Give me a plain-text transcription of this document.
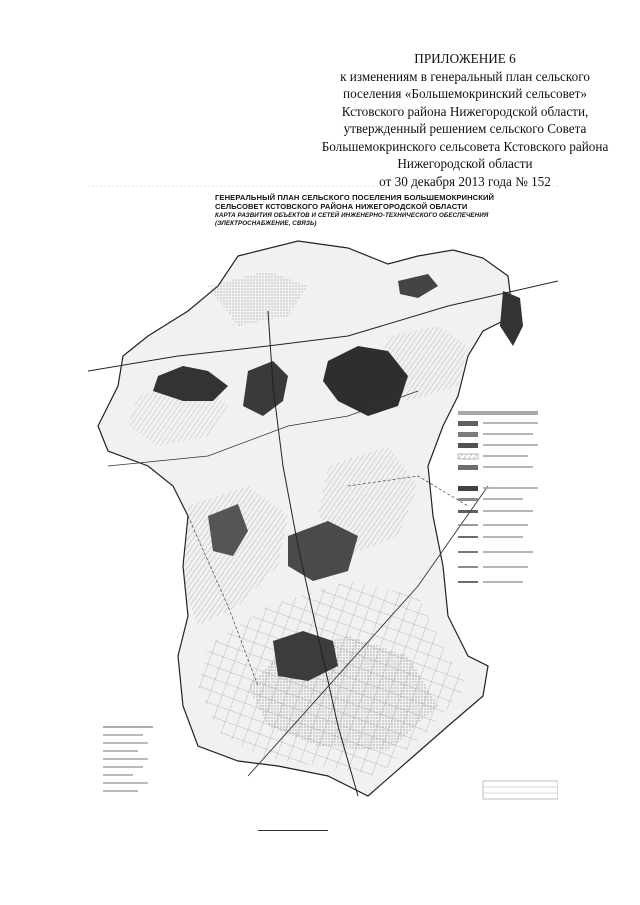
ПРИЛОЖЕНИЕ 6
к изменениям в генеральный план сельского
поселения «Большемокринский сельсовет»
Кстовского района Нижегородской области,
утвержденный решением сельского Совета
Большемокринского сельсовета Кстовского района
Нижегородской области
от 30 декабря 2013 года № 152
ГЕНЕРАЛЬНЫЙ ПЛАН СЕЛЬСКОГО ПОСЕЛЕНИЯ БОЛЬШЕМОКРИНСКИЙ
СЕЛЬСОВЕТ КСТОВСКОГО РАЙОНА НИЖЕГОРОДСКОЙ ОБЛАСТИ
КАРТА РАЗВИТИЯ ОБЪЕКТОВ И СЕТЕЙ ИНЖЕНЕРНО-ТЕХНИЧЕСКОГО ОБЕСПЕЧЕНИЯ
(ЭЛЕКТРОСНАБЖЕНИЕ, СВЯЗЬ)
